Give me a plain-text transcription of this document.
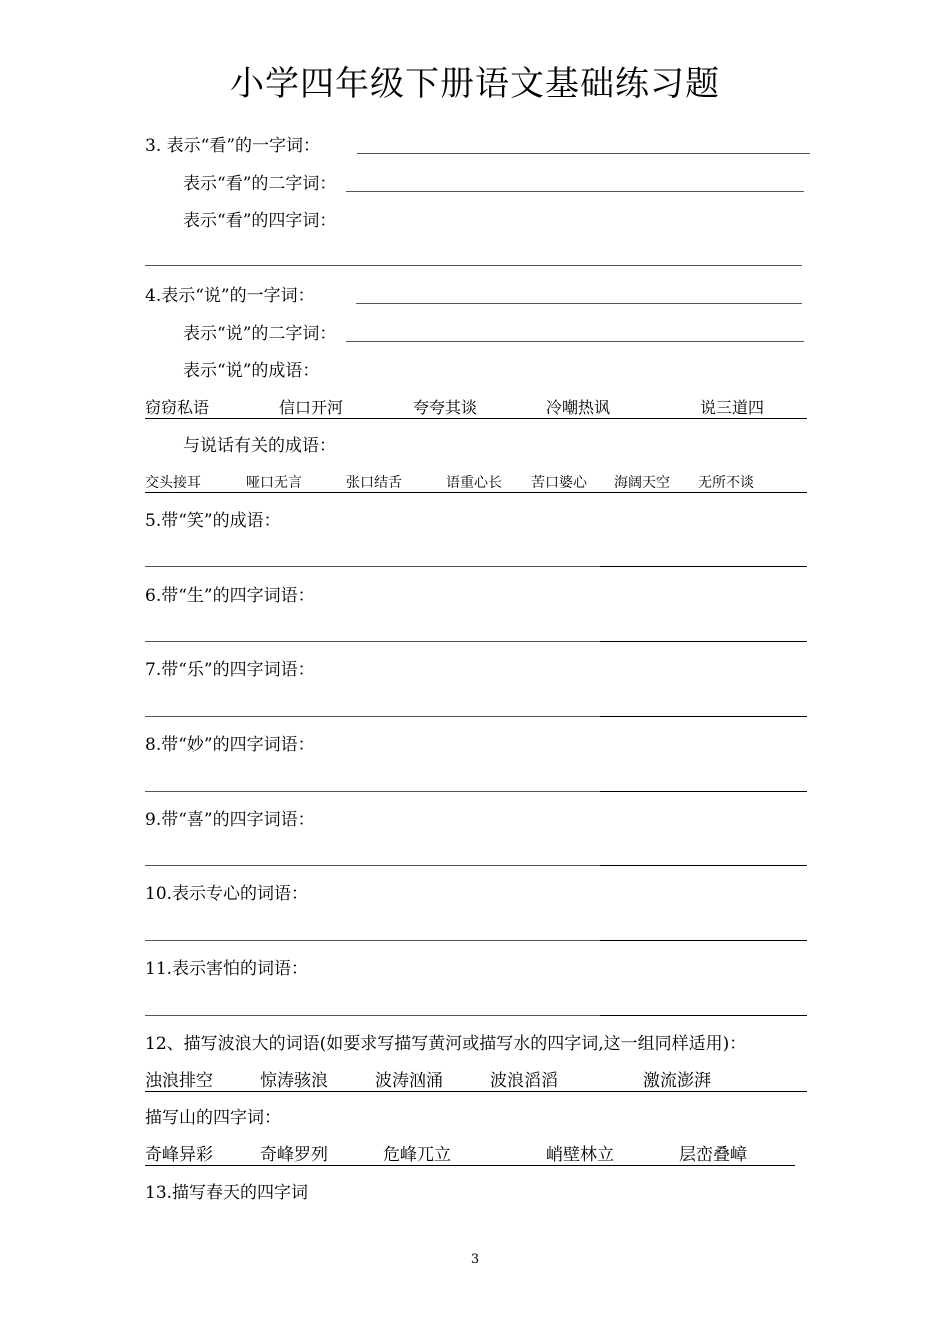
小学四年级下册语文基础练习题
3. 表示“看”的一字词：
表示“看”的二字词：
表示“看”的四字词：
4.表示“说”的一字词：
表示“说”的二字词：
表示“说”的成语：
窃窃私语	信口开河	夸夸其谈	冷嘲热讽	说三道四
与说话有关的成语：
交头接耳	哑口无言	张口结舌	语重心长 苦口婆心 海阔天空 无所不谈
5.带“笑”的成语：
6.带“生”的四字词语：
7.带“乐”的四字词语：
8.带“妙”的四字词语：
9.带“喜”的四字词语：
10.表示专心的词语：
11.表示害怕的词语：
12、描写波浪大的词语(如要求写描写黄河或描写水的四字词,这一组同样适用)：
浊浪排空	惊涛骇浪	波涛汹涌	波浪滔滔	激流澎湃
描写山的四字词：
奇峰异彩	奇峰罗列	危峰兀立	峭壁林立	层峦叠嶂
13.描写春天的四字词
3
